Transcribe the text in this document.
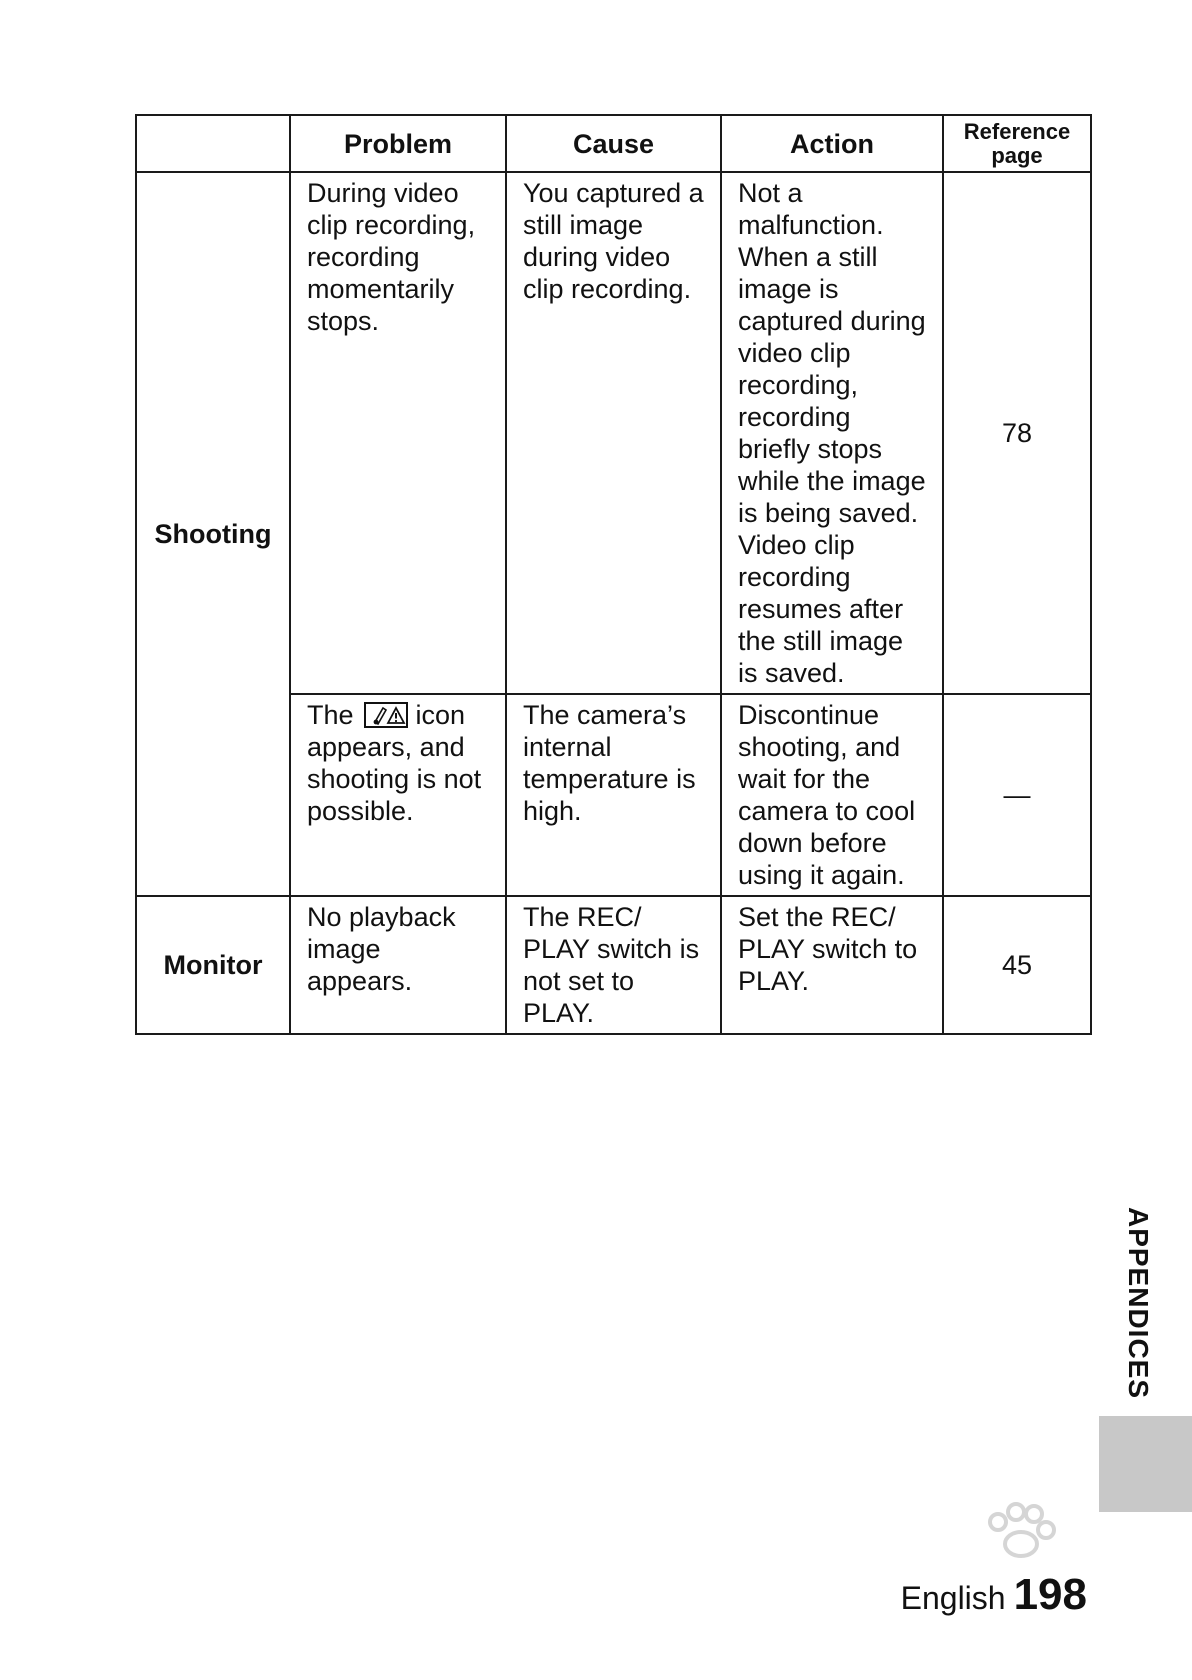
	Problem	Cause	Action	Reference page
Shooting	During video clip recording, recording momentarily stops.	You captured a still image during video clip recording.	Not a malfunction. When a still image is captured during video clip recording, recording briefly stops while the image is being saved. Video clip recording resumes after the still image is saved.	78
	The icon appears, and shooting is not possible.	The camera’s internal temperature is high.	Discontinue shooting, and wait for the camera to cool down before using it again.	—
Monitor	No playback image appears.	The REC/ PLAY switch is not set to PLAY.	Set the REC/ PLAY switch to PLAY.	45
APPENDICES
English 198
